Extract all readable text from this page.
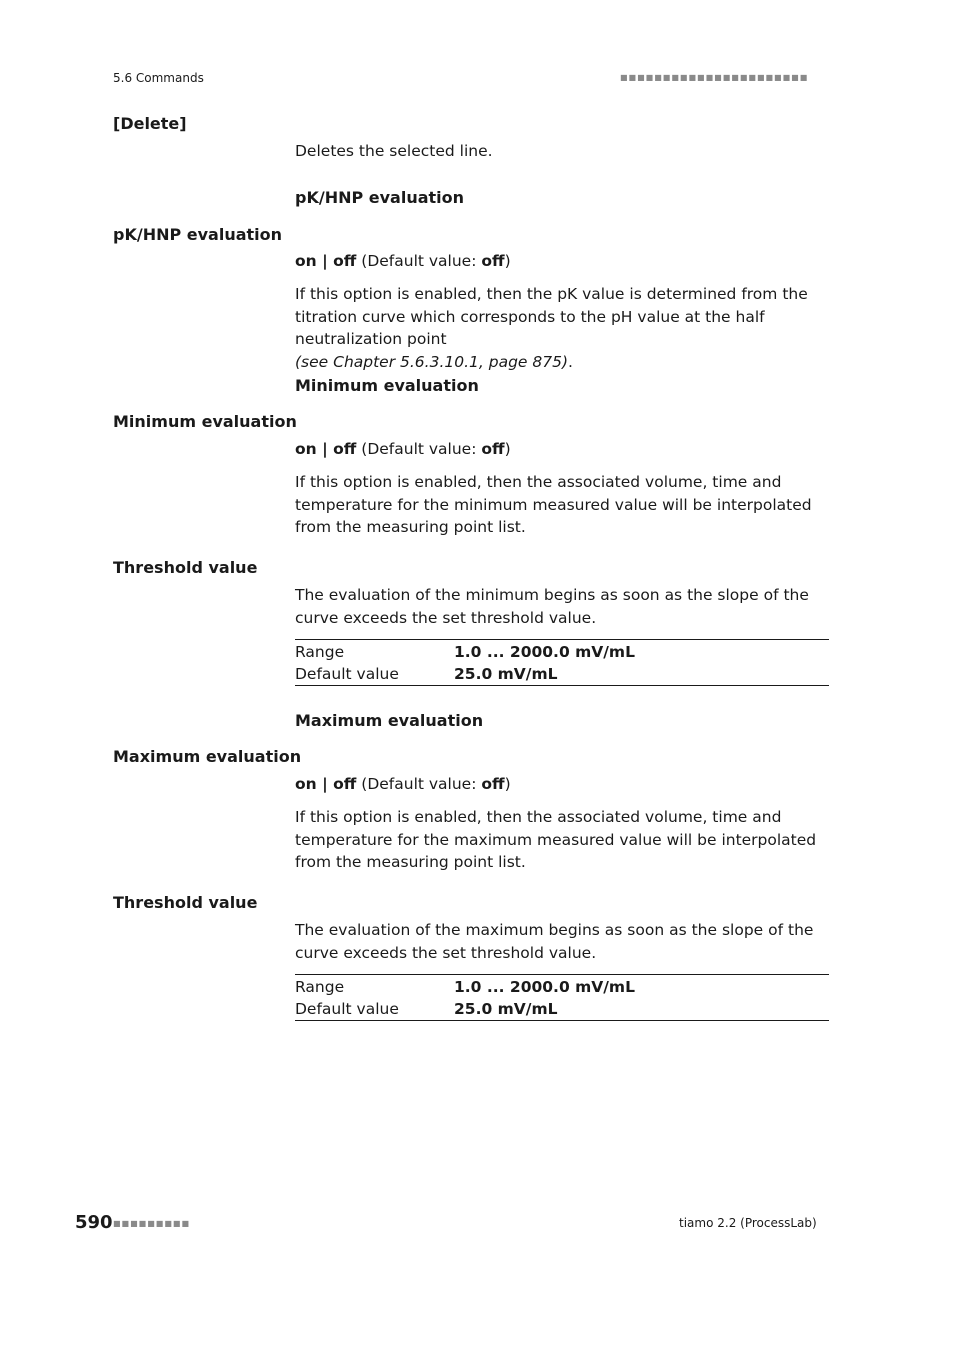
5.6 Commands	■■■■■■■■■■■■■■■■■■■■■■
[Delete]
Deletes the selected line.
pK/HNP evaluation
pK/HNP evaluation
on | off (Default value: off)
If this option is enabled, then the pK value is determined from the titration curve which corresponds to the pH value at the half neutralization point
(see Chapter 5.6.3.10.1, page 875).
Minimum evaluation
Minimum evaluation
on | off (Default value: off)
If this option is enabled, then the associated volume, time and temperature for the minimum measured value will be interpolated from the measuring point list.
Threshold value
The evaluation of the minimum begins as soon as the slope of the curve exceeds the set threshold value.
Range	1.0 ... 2000.0 mV/mL
Default value	25.0 mV/mL
Maximum evaluation
Maximum evaluation
on | off (Default value: off)
If this option is enabled, then the associated volume, time and temperature for the maximum measured value will be interpolated from the measuring point list.
Threshold value
The evaluation of the maximum begins as soon as the slope of the curve exceeds the set threshold value.
Range	1.0 ... 2000.0 mV/mL
Default value	25.0 mV/mL
590 ■■■■■■■■■	tiamo 2.2 (ProcessLab)
